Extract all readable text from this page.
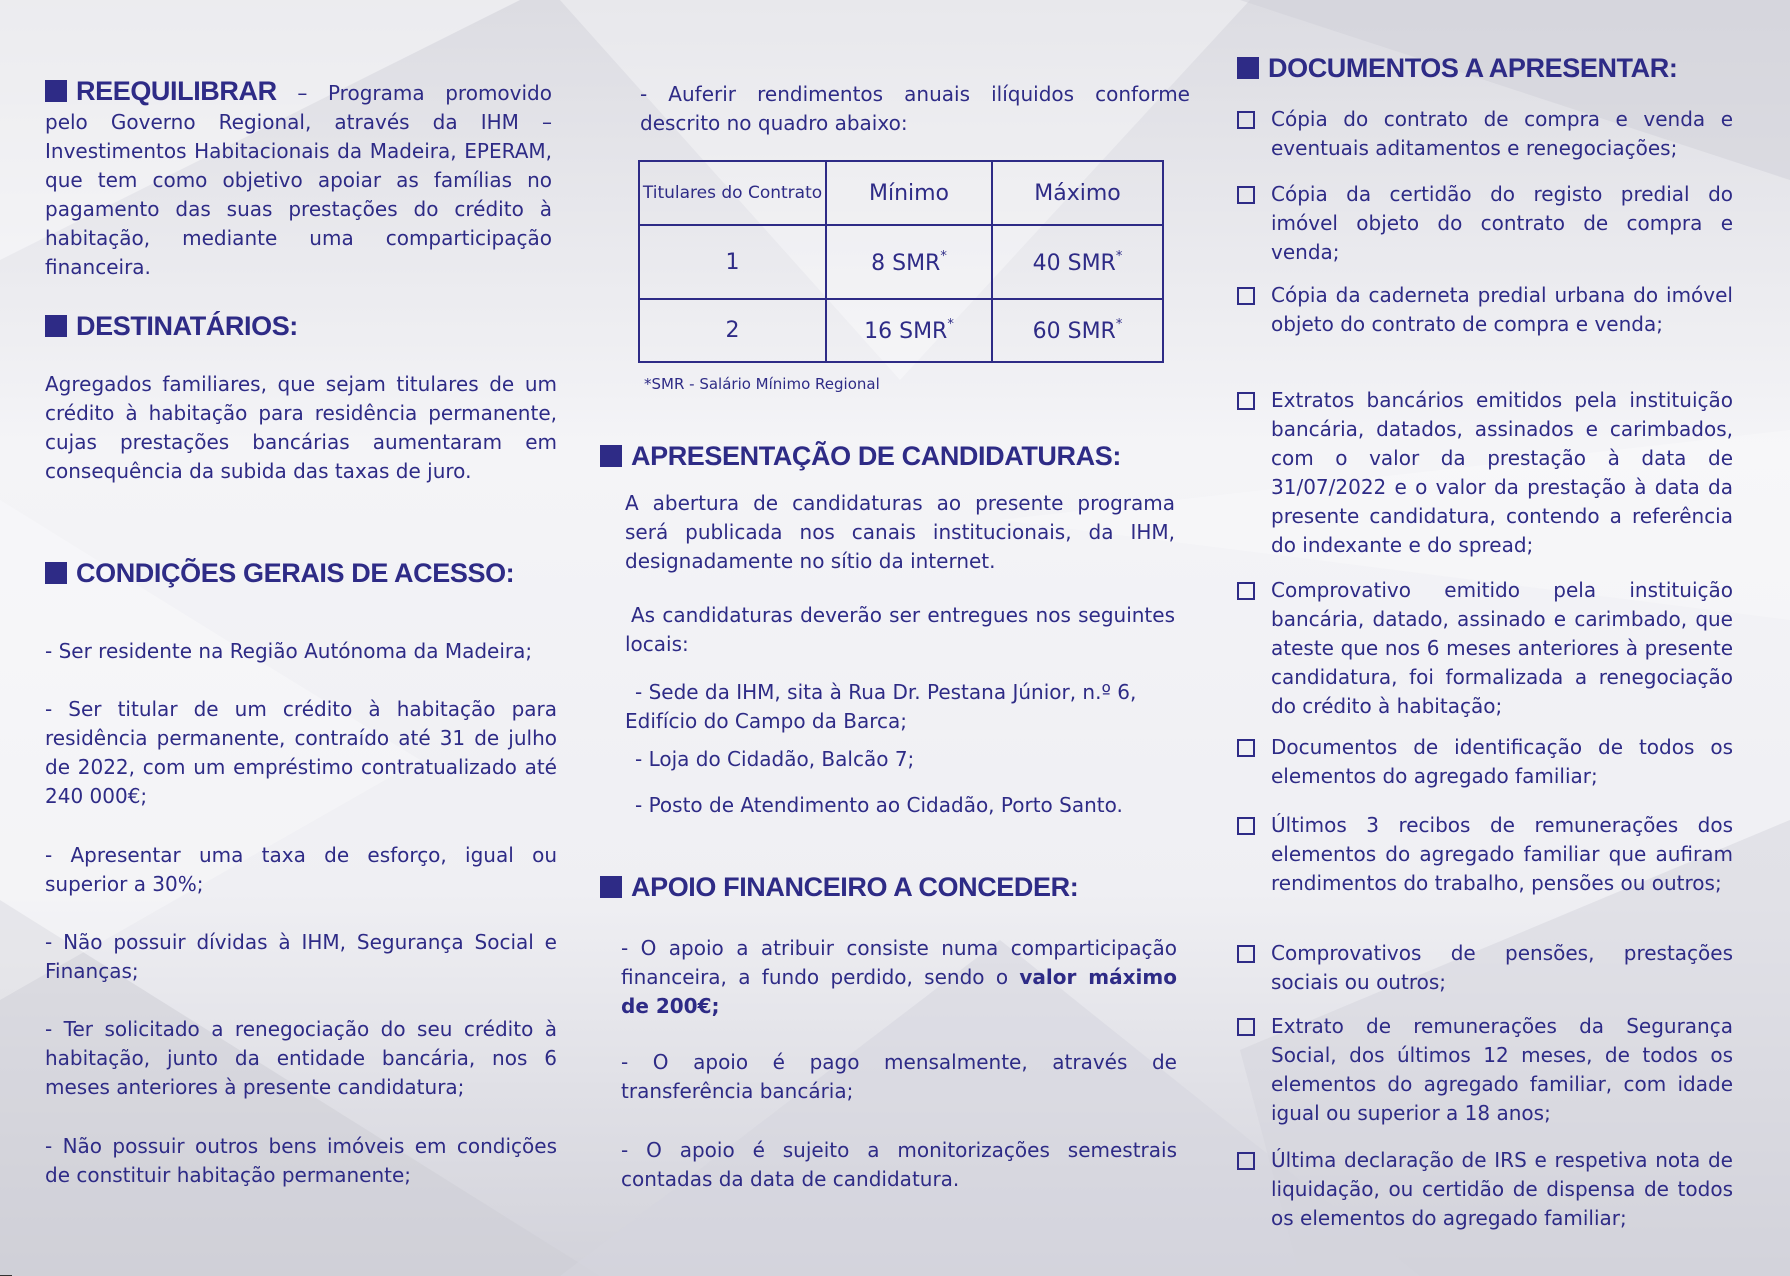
REEQUILIBRAR – Programa promovido pelo Governo Regional, através da IHM – Investimentos Habitacionais da Madeira, EPERAM, que tem como objetivo apoiar as famílias no pagamento das suas prestações do crédito à habitação, mediante uma comparticipação financeira.
DESTINATÁRIOS:
Agregados familiares, que sejam titulares de um crédito à habitação para residência permanente, cujas prestações bancárias aumentaram em consequência da subida das taxas de juro.
CONDIÇÕES GERAIS DE ACESSO:
- Ser residente na Região Autónoma da Madeira;
- Ser titular de um crédito à habitação para residência permanente, contraído até 31 de julho de 2022, com um empréstimo contratualizado até 240 000€;
- Apresentar uma taxa de esforço, igual ou superior a 30%;
- Não possuir dívidas à IHM, Segurança Social e Finanças;
- Ter solicitado a renegociação do seu crédito à habitação, junto da entidade bancária, nos 6 meses anteriores à presente candidatura;
- Não possuir outros bens imóveis em condições de constituir habitação permanente;
- Auferir rendimentos anuais ilíquidos conforme descrito no quadro abaixo:
Titulares do Contrato	Mínimo	Máximo
1	8 SMR*	40 SMR*
2	16 SMR*	60 SMR*
*SMR - Salário Mínimo Regional
APRESENTAÇÃO DE CANDIDATURAS:
A abertura de candidaturas ao presente programa será publicada nos canais institucionais, da IHM, designadamente no sítio da internet.
As candidaturas deverão ser entregues nos seguintes locais:
- Sede da IHM, sita à Rua Dr. Pestana Júnior, n.º 6, Edifício do Campo da Barca;
- Loja do Cidadão, Balcão 7;
- Posto de Atendimento ao Cidadão, Porto Santo.
APOIO FINANCEIRO A CONCEDER:
- O apoio a atribuir consiste numa comparticipação financeira, a fundo perdido, sendo o valor máximo de 200€;
- O apoio é pago mensalmente, através de transferência bancária;
- O apoio é sujeito a monitorizações semestrais contadas da data de candidatura.
DOCUMENTOS A APRESENTAR:
Cópia do contrato de compra e venda e eventuais aditamentos e renegociações;
Cópia da certidão do registo predial do imóvel objeto do contrato de compra e venda;
Cópia da caderneta predial urbana do imóvel objeto do contrato de compra e venda;
Extratos bancários emitidos pela instituição bancária, datados, assinados e carimbados, com o valor da prestação à data de 31/07/2022 e o valor da prestação à data da presente candidatura, contendo a referência do indexante e do spread;
Comprovativo emitido pela instituição bancária, datado, assinado e carimbado, que ateste que nos 6 meses anteriores à presente candidatura, foi formalizada a renegociação do crédito à habitação;
Documentos de identificação de todos os elementos do agregado familiar;
Últimos 3 recibos de remunerações dos elementos do agregado familiar que aufiram rendimentos do trabalho, pensões ou outros;
Comprovativos de pensões, prestações sociais ou outros;
Extrato de remunerações da Segurança Social, dos últimos 12 meses, de todos os elementos do agregado familiar, com idade igual ou superior a 18 anos;
Última declaração de IRS e respetiva nota de liquidação, ou certidão de dispensa de todos os elementos do agregado familiar;
